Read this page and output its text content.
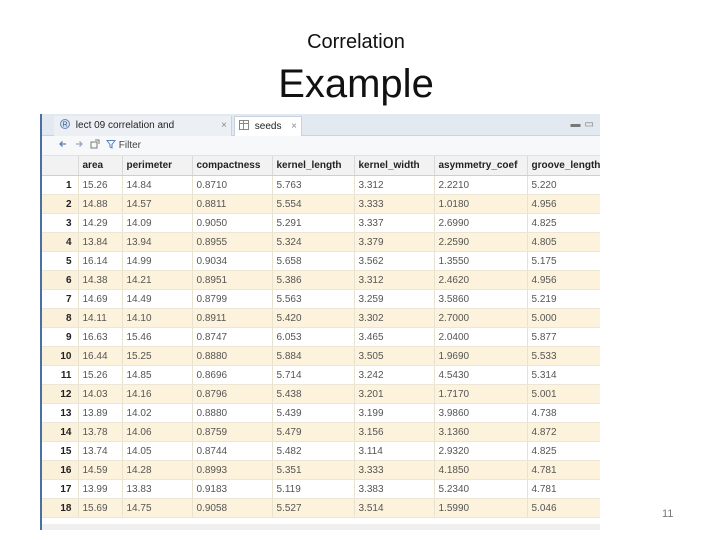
Correlation
Example
R lect 09 correlation and	×	seeds ×	▬▭
Filter
	area	perimeter	compactness	kernel_length	kernel_width	asymmetry_coef	groove_length
1	15.26	14.84	0.8710	5.763	3.312	2.2210	5.220
2	14.88	14.57	0.8811	5.554	3.333	1.0180	4.956
3	14.29	14.09	0.9050	5.291	3.337	2.6990	4.825
4	13.84	13.94	0.8955	5.324	3.379	2.2590	4.805
5	16.14	14.99	0.9034	5.658	3.562	1.3550	5.175
6	14.38	14.21	0.8951	5.386	3.312	2.4620	4.956
7	14.69	14.49	0.8799	5.563	3.259	3.5860	5.219
8	14.11	14.10	0.8911	5.420	3.302	2.7000	5.000
9	16.63	15.46	0.8747	6.053	3.465	2.0400	5.877
10	16.44	15.25	0.8880	5.884	3.505	1.9690	5.533
11	15.26	14.85	0.8696	5.714	3.242	4.5430	5.314
12	14.03	14.16	0.8796	5.438	3.201	1.7170	5.001
13	13.89	14.02	0.8880	5.439	3.199	3.9860	4.738
14	13.78	14.06	0.8759	5.479	3.156	3.1360	4.872
15	13.74	14.05	0.8744	5.482	3.114	2.9320	4.825
16	14.59	14.28	0.8993	5.351	3.333	4.1850	4.781
17	13.99	13.83	0.9183	5.119	3.383	5.2340	4.781
18	15.69	14.75	0.9058	5.527	3.514	1.5990	5.046	11
